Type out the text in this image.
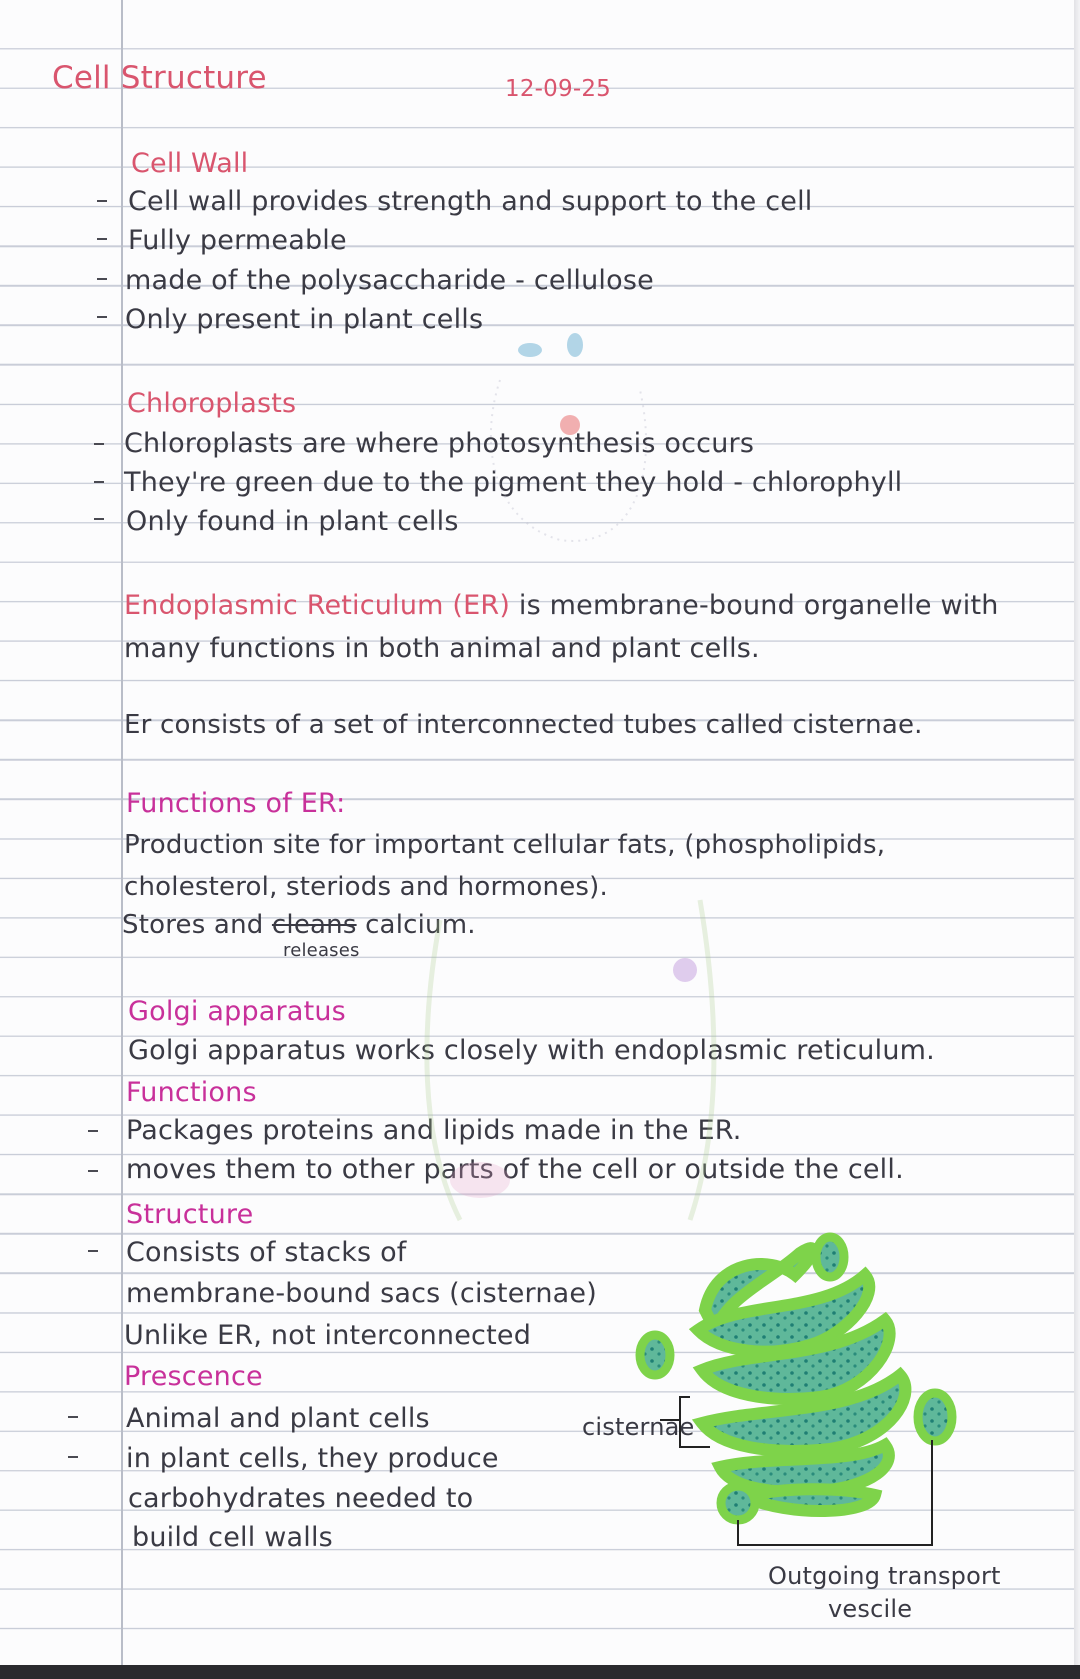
Cell Structure	12-09-25
Cell Wall
Cell wall provides strength and support to the cell
Fully permeable
made of the polysaccharide - cellulose
Only present in plant cells
Chloroplasts
Chloroplasts are where photosynthesis occurs
They're green due to the pigment they hold - chlorophyll
Only found in plant cells
Endoplasmic Reticulum (ER) is membrane-bound organelle with
many functions in both animal and plant cells.
Er consists of a set of interconnected tubes called cisternae.
Functions of ER:
Production site for important cellular fats, (phospholipids,
cholesterol, steriods and hormones).
Stores and cleans calcium.
releases
Golgi apparatus
Golgi apparatus works closely with endoplasmic reticulum.
Functions
Packages proteins and lipids made in the ER.
moves them to other parts of the cell or outside the cell.
Structure
Consists of stacks of
membrane-bound sacs (cisternae)
Unlike ER, not interconnected
Prescence
Animal and plant cells
in plant cells, they produce
carbohydrates needed to
build cell walls
cisternae
Outgoing transport
vescile
